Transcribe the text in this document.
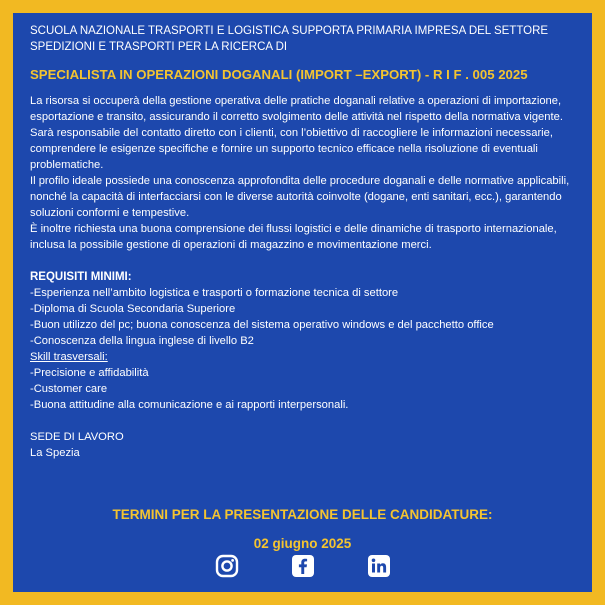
SCUOLA NAZIONALE TRASPORTI E LOGISTICA SUPPORTA PRIMARIA IMPRESA DEL SETTORE SPEDIZIONI E TRASPORTI PER LA RICERCA DI
SPECIALISTA IN OPERAZIONI DOGANALI (IMPORT –EXPORT) - R I F . 005 2025

La risorsa si occuperà della gestione operativa delle pratiche doganali relative a operazioni di importazione, esportazione e transito, assicurando il corretto svolgimento delle attività nel rispetto della normativa vigente. Sarà responsabile del contatto diretto con i clienti, con l’obiettivo di raccogliere le informazioni necessarie, comprendere le esigenze specifiche e fornire un supporto tecnico efficace nella risoluzione di eventuali problematiche.

Il profilo ideale possiede una conoscenza approfondita delle procedure doganali e delle normative applicabili, nonché la capacità di interfacciarsi con le diverse autorità coinvolte (dogane, enti sanitari, ecc.), garantendo soluzioni conformi e tempestive.

È inoltre richiesta una buona comprensione dei flussi logistici e delle dinamiche di trasporto internazionale, inclusa la possibile gestione di operazioni di magazzino e movimentazione merci.

REQUISITI MINIMI:
-Esperienza nell’ambito logistica e trasporti o formazione tecnica di settore
-Diploma di Scuola Secondaria Superiore
-Buon utilizzo del pc; buona conoscenza del sistema operativo windows e del pacchetto office
-Conoscenza della lingua inglese di livello B2
Skill trasversali:
-Precisione e affidabilità
-Customer care
-Buona attitudine alla comunicazione e ai rapporti interpersonali.
SEDE DI LAVORO
La Spezia
TERMINI PER LA PRESENTAZIONE DELLE CANDIDATURE:
02 giugno 2025
